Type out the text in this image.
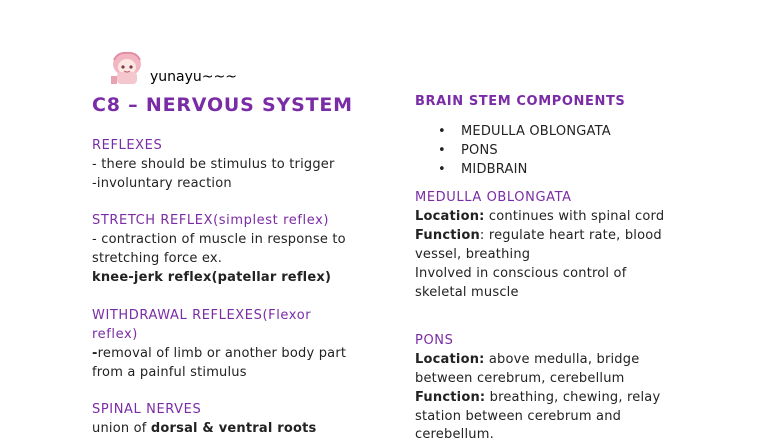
yunayu~~~
C8 – NERVOUS SYSTEM
REFLEXES
- there should be stimulus to trigger
-involuntary reaction
STRETCH REFLEX(simplest reflex)
- contraction of muscle in response to
stretching force ex.
knee-jerk reflex(patellar reflex)
WITHDRAWAL REFLEXES(Flexor
reflex)
-removal of limb or another body part
from a painful stimulus
SPINAL NERVES
union of dorsal & ventral roots
BRAIN STEM COMPONENTS
• MEDULLA OBLONGATA
• PONS
• MIDBRAIN
MEDULLA OBLONGATA
Location: continues with spinal cord
Function: regulate heart rate, blood
vessel, breathing
Involved in conscious control of
skeletal muscle
PONS
Location: above medulla, bridge
between cerebrum, cerebellum
Function: breathing, chewing, relay
station between cerebrum and
cerebellum.
